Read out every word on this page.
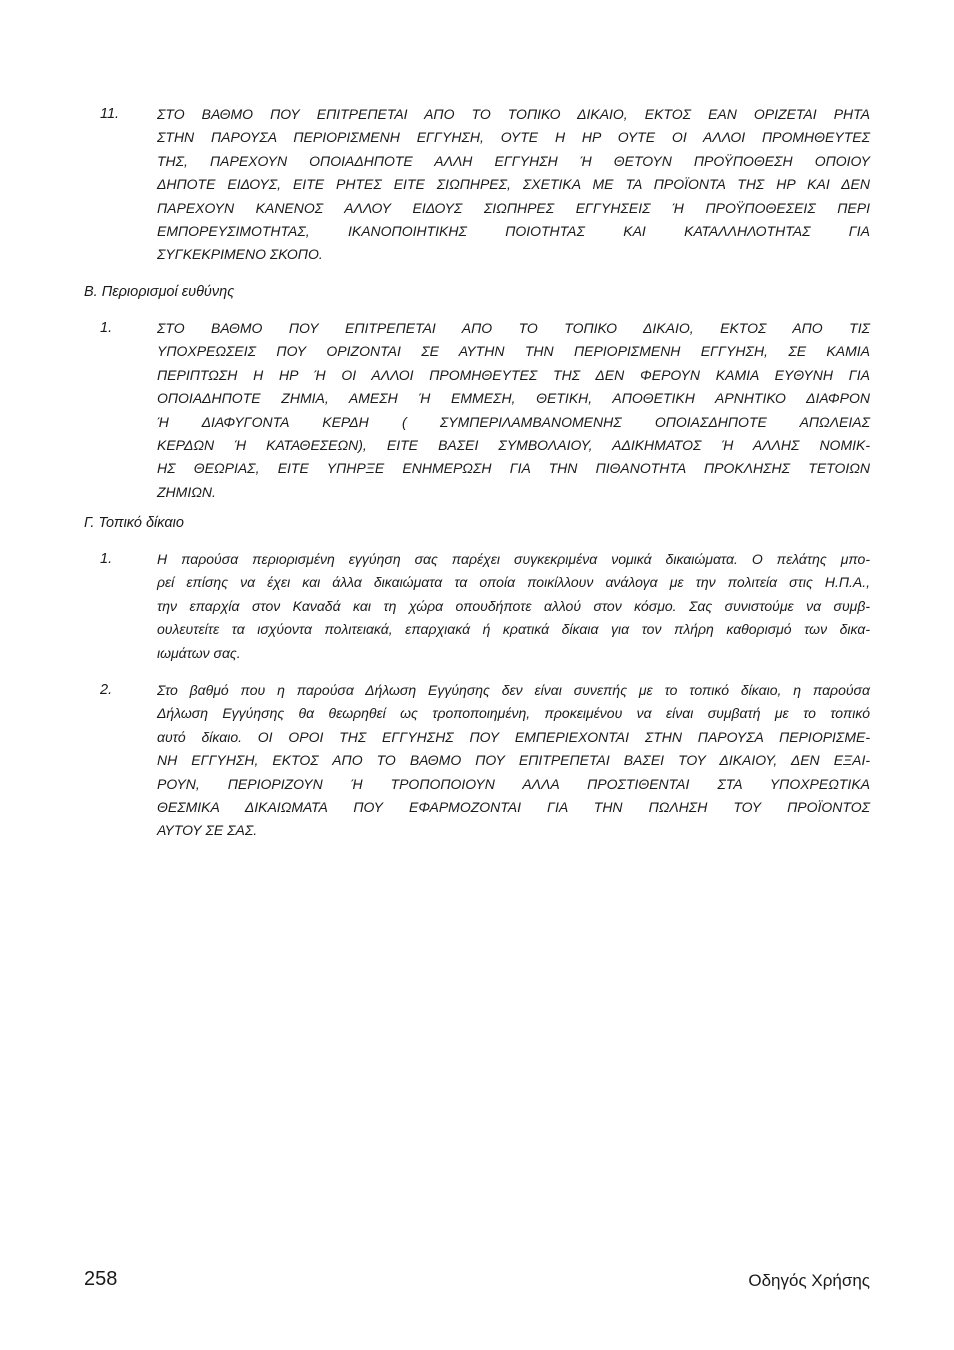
11.	ΣΤΟ ΒΑΘΜΟ ΠΟΥ ΕΠΙΤΡΕΠΕΤΑΙ ΑΠΟ ΤΟ ΤΟΠΙΚΟ ΔΙΚΑΙΟ, ΕΚΤΟΣ ΕΑΝ ΟΡΙΖΕΤΑΙ ΡΗΤΑ
ΣΤΗΝ ΠΑΡΟΥΣΑ ΠΕΡΙΟΡΙΣΜΕΝΗ ΕΓΓΥΗΣΗ, ΟΥΤΕ Η HP ΟΥΤΕ ΟΙ ΑΛΛΟΙ ΠΡΟΜΗΘΕΥΤΕΣ
ΤΗΣ, ΠΑΡΕΧΟΥΝ ΟΠΟΙΑΔΗΠΟΤΕ ΑΛΛΗ ΕΓΓΥΗΣΗ Ή ΘΕΤΟΥΝ ΠΡΟΫΠΟΘΕΣΗ ΟΠΟΙΟΥ
ΔΗΠΟΤΕ ΕΙΔΟΥΣ, ΕΙΤΕ ΡΗΤΕΣ ΕΙΤΕ ΣΙΩΠΗΡΕΣ, ΣΧΕΤΙΚΑ ΜΕ ΤΑ ΠΡΟΪΟΝΤΑ ΤΗΣ HP ΚΑΙ ΔΕΝ
ΠΑΡΕΧΟΥΝ ΚΑΝΕΝΟΣ ΑΛΛΟΥ ΕΙΔΟΥΣ ΣΙΩΠΗΡΕΣ ΕΓΓΥΗΣΕΙΣ Ή ΠΡΟΫΠΟΘΕΣΕΙΣ ΠΕΡΙ
ΕΜΠΟΡΕΥΣΙΜΟΤΗΤΑΣ, ΙΚΑΝΟΠΟΙΗΤΙΚΗΣ ΠΟΙΟΤΗΤΑΣ ΚΑΙ ΚΑΤΑΛΛΗΛΟΤΗΤΑΣ ΓΙΑ
ΣΥΓΚΕΚΡΙΜΕΝΟ ΣΚΟΠΟ.
Β. Περιορισμοί ευθύνης
1.	ΣΤΟ ΒΑΘΜΟ ΠΟΥ ΕΠΙΤΡΕΠΕΤΑΙ ΑΠΟ ΤΟ ΤΟΠΙΚΟ ΔΙΚΑΙΟ, ΕΚΤΟΣ ΑΠΟ ΤΙΣ
ΥΠΟΧΡΕΩΣΕΙΣ ΠΟΥ ΟΡΙΖΟΝΤΑΙ ΣΕ ΑΥΤΗΝ ΤΗΝ ΠΕΡΙΟΡΙΣΜΕΝΗ ΕΓΓΥΗΣΗ, ΣΕ ΚΑΜΙΑ
ΠΕΡΙΠΤΩΣΗ Η HP Ή ΟΙ ΑΛΛΟΙ ΠΡΟΜΗΘΕΥΤΕΣ ΤΗΣ ΔΕΝ ΦΕΡΟΥΝ ΚΑΜΙΑ ΕΥΘΥΝΗ ΓΙΑ
ΟΠΟΙΑΔΗΠΟΤΕ ΖΗΜΙΑ, ΑΜΕΣΗ Ή ΕΜΜΕΣΗ, ΘΕΤΙΚΗ, ΑΠΟΘΕΤΙΚΗ ΑΡΝΗΤΙΚΟ ΔΙΑΦΡΟΝ
Ή ΔΙΑΦΥΓΟΝΤΑ ΚΕΡΔΗ ( ΣΥΜΠΕΡΙΛΑΜΒΑΝΟΜΕΝΗΣ ΟΠΟΙΑΣΔΗΠΟΤΕ ΑΠΩΛΕΙΑΣ
ΚΕΡΔΩΝ Ή ΚΑΤΑΘΕΣΕΩΝ), ΕΙΤΕ ΒΑΣΕΙ ΣΥΜΒΟΛΑΙΟΥ, ΑΔΙΚΗΜΑΤΟΣ Ή ΑΛΛΗΣ ΝΟΜΙΚ-
ΗΣ ΘΕΩΡΙΑΣ, ΕΙΤΕ ΥΠΗΡΞΕ ΕΝΗΜΕΡΩΣΗ ΓΙΑ ΤΗΝ ΠΙΘΑΝΟΤΗΤΑ ΠΡΟΚΛΗΣΗΣ ΤΕΤΟΙΩΝ
ΖΗΜΙΩΝ.
Γ. Τοπικό δίκαιο
1.	Η παρούσα περιορισμένη εγγύηση σας παρέχει συγκεκριμένα νομικά δικαιώματα. Ο πελάτης μπο-
ρεί επίσης να έχει και άλλα δικαιώματα τα οποία ποικίλλουν ανάλογα με την πολιτεία στις Η.Π.Α.,
την επαρχία στον Καναδά και τη χώρα οπουδήποτε αλλού στον κόσμο. Σας συνιστούμε να συμβ-
ουλευτείτε τα ισχύοντα πολιτειακά, επαρχιακά ή κρατικά δίκαια για τον πλήρη καθορισμό των δικα-
ιωμάτων σας.
2.	Στο βαθμό που η παρούσα Δήλωση Εγγύησης δεν είναι συνεπής με το τοπικό δίκαιο, η παρούσα
Δήλωση Εγγύησης θα θεωρηθεί ως τροποποιημένη, προκειμένου να είναι συμβατή με το τοπικό
αυτό δίκαιο. ΟΙ ΟΡΟΙ ΤΗΣ ΕΓΓΥΗΣΗΣ ΠΟΥ ΕΜΠΕΡΙΕΧΟΝΤΑΙ ΣΤΗΝ ΠΑΡΟΥΣΑ ΠΕΡΙΟΡΙΣΜΕ-
ΝΗ ΕΓΓΥΗΣΗ, ΕΚΤΟΣ ΑΠΟ ΤΟ ΒΑΘΜΟ ΠΟΥ ΕΠΙΤΡΕΠΕΤΑΙ ΒΑΣΕΙ ΤΟΥ ΔΙΚΑΙΟΥ, ΔΕΝ ΕΞΑΙ-
ΡΟΥΝ, ΠΕΡΙΟΡΙΖΟΥΝ Ή ΤΡΟΠΟΠΟΙΟΥΝ ΑΛΛΑ ΠΡΟΣΤΙΘΕΝΤΑΙ ΣΤΑ ΥΠΟΧΡΕΩΤΙΚΑ
ΘΕΣΜΙΚΑ ΔΙΚΑΙΩΜΑΤΑ ΠΟΥ ΕΦΑΡΜΟΖΟΝΤΑΙ ΓΙΑ ΤΗΝ ΠΩΛΗΣΗ ΤΟΥ ΠΡΟΪΟΝΤΟΣ
ΑΥΤΟΥ ΣΕ ΣΑΣ.
258	Οδηγός Χρήσης
